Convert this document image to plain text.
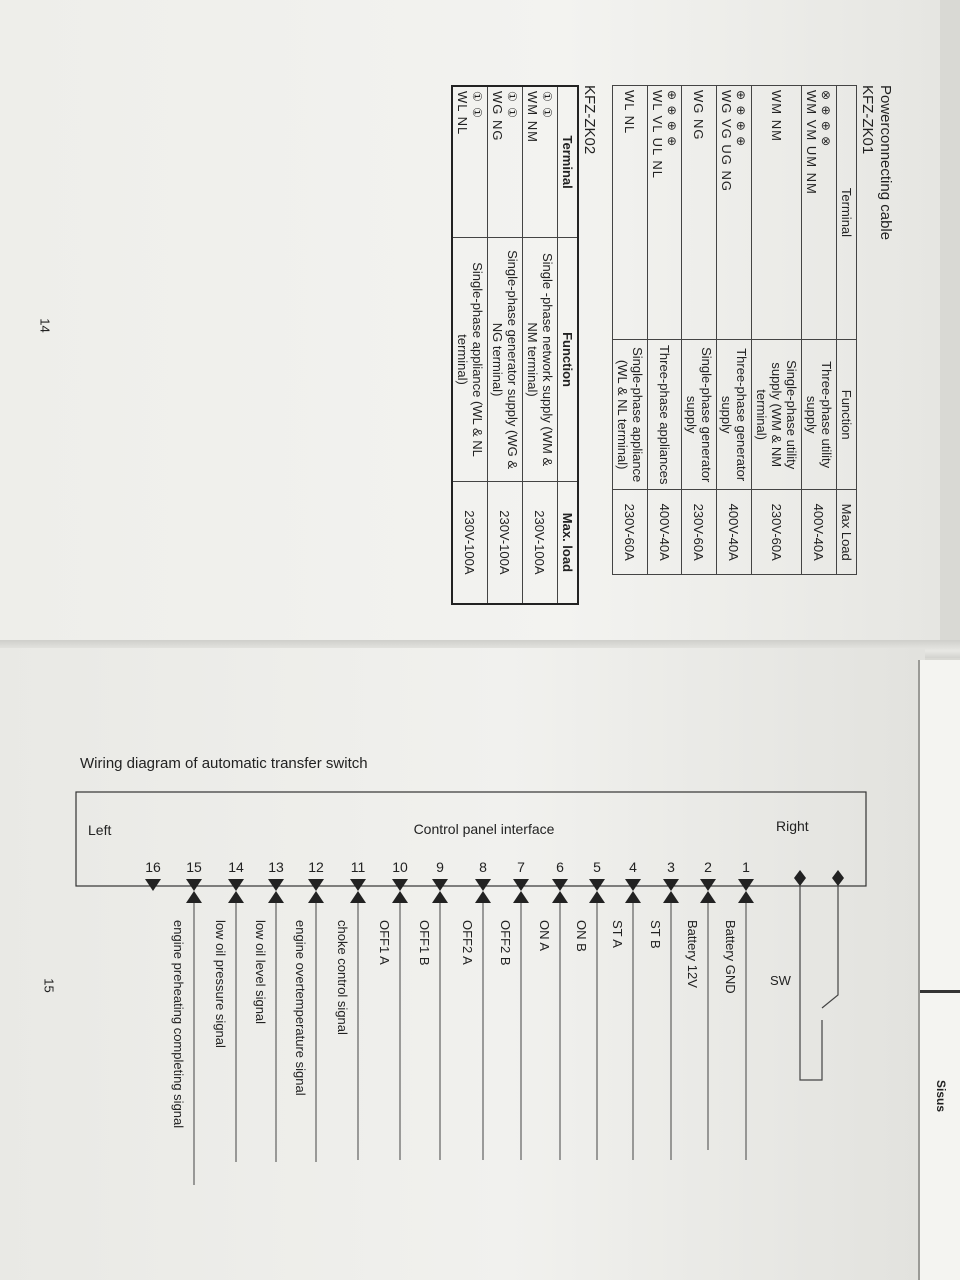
Powerconnecting cable
KFZ-ZK01
Terminal	Function	Max Load

⊗ ⊕ ⊕ ⊗
WM VM UM NM	Three-phase utility supply	400V-40A
WM NM	Single-phase utility supply (WM & NM terminal)	230V-60A

⊕ ⊕ ⊕ ⊕
WG VG UG NG	Three-phase generator supply	400V-40A
WG NG	Single-phase generator supply	230V-60A

⊕ ⊕ ⊕ ⊕
WL VL UL NL	Three-phase appliances	400V-40A
WL NL	Single-phase appliance (WL & NL terminal)	230V-60A
KFZ-ZK02
Terminal	Function	Max. load

① ①
WM NM	Single -phase network supply (WM & NM terminal)	230V-100A

① ①
WG NG	Single-phase generator supply (WG & NG terminal)	230V-100A

① ①
WL NL	Single-phase appliance (WL & NL terminal)	230V-100A
14
Wiring diagram of automatic transfer switch
Left	Control panel interface	Right
1
Battery GND
2
Battery 12V
3
ST B
4
ST A
5
ON B
6
ON A
7
OFF2 B
8
OFF2 A
9
OFF1 B
10
OFF1 A
11
choke control signal
12
engine overtemperature signal
13
low oil level signal
14
low oil pressure signal
15
engine preheating completing signal
16
SW
15
Sisus
